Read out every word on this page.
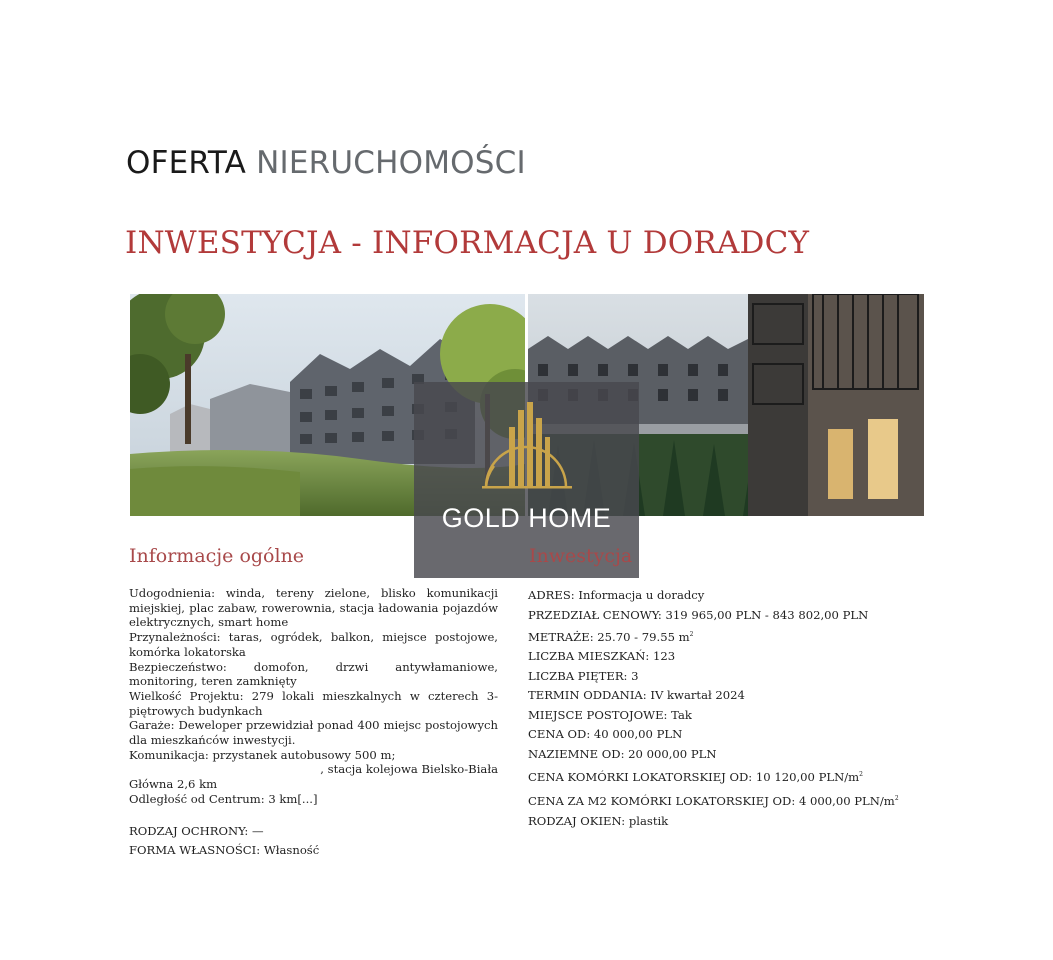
OFERTA NIERUCHOMOŚCI
INWESTYCJA - INFORMACJA U DORADCY
GOLD HOME
Informacje ogólne	Inwestycja

Udogodnienia: winda, tereny zielone, blisko komunikacji miejskiej, plac zabaw, rowerownia, stacja ładowania pojazdów elektrycznych, smart home

Przynależności: taras, ogródek, balkon, miejsce postojowe, komórka lokatorska

Bezpieczeństwo: domofon, drzwi antywłamaniowe, monitoring, teren zamknięty

Wielkość Projektu: 279 lokali mieszkalnych w czterech 3-piętrowych budynkach

Garaże: Deweloper przewidział ponad 400 miejsc postojowych dla mieszkańców inwestycji.

Komunikacja: przystanek autobusowy 500 m;

, stacja kolejowa Bielsko-Biała

Główna 2,6 km

Odległość od Centrum: 3 km[...]

RODZAJ OCHRONY: —

FORMA WŁASNOŚCI: Własność

ADRES: Informacja u doradcy

PRZEDZIAŁ CENOWY: 319 965,00 PLN - 843 802,00 PLN

METRAŻE: 25.70 - 79.55 $m^2$

LICZBA MIESZKAŃ: 123

LICZBA PIĘTER: 3

TERMIN ODDANIA: IV kwartał 2024

MIEJSCE POSTOJOWE: Tak

CENA OD: 40 000,00 PLN

NAZIEMNE OD: 20 000,00 PLN

CENA KOMÓRKI LOKATORSKIEJ OD: 10 120,00 PLN/$m^2$

CENA ZA M2 KOMÓRKI LOKATORSKIEJ OD: 4 000,00 PLN/$m^2$

RODZAJ OKIEN: plastik
